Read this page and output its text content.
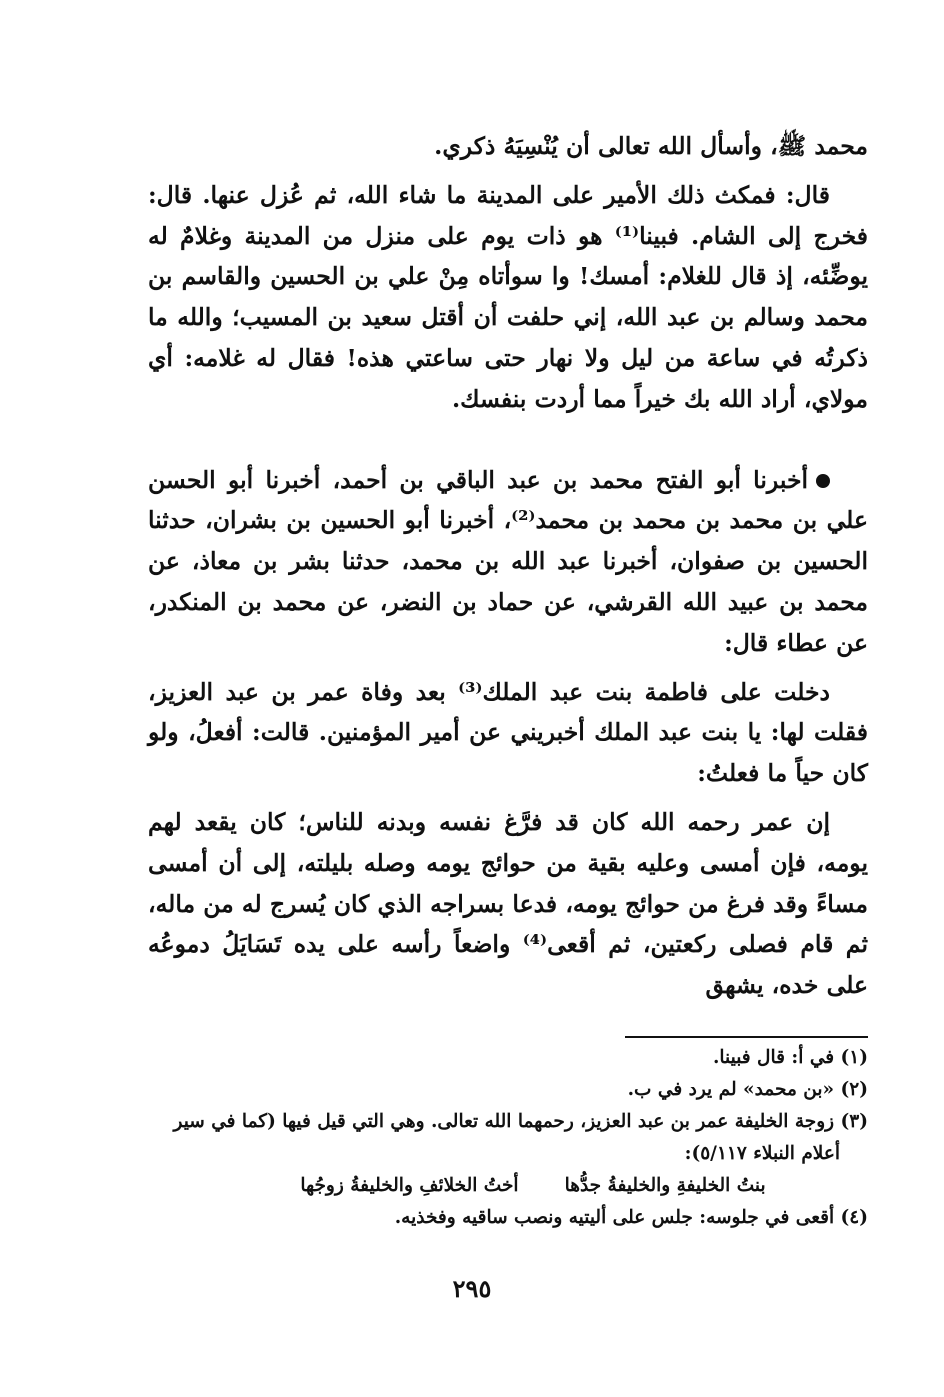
محمد ﷺ، وأسأل الله تعالى أن يُنْسِيَهُ ذكري.

قال: فمكث ذلك الأمير على المدينة ما شاء الله، ثم عُزل عنها. قال: فخرج إلى الشام. فبينا⁽¹⁾ هو ذات يوم على منزل من المدينة وغلامٌ له يوضِّئه، إذ قال للغلام: أمسك! وا سوأتاه مِنْ علي بن الحسين والقاسم بن محمد وسالم بن عبد الله، إني حلفت أن أقتل سعيد بن المسيب؛ والله ما ذكرتُه في ساعة من ليل ولا نهار حتى ساعتي هذه! فقال له غلامه: أي مولاي، أراد الله بك خيراً مما أردت بنفسك.

أخبرنا أبو الفتح محمد بن عبد الباقي بن أحمد، أخبرنا أبو الحسن علي بن محمد بن محمد بن محمد⁽²⁾، أخبرنا أبو الحسين بن بشران، حدثنا الحسين بن صفوان، أخبرنا عبد الله بن محمد، حدثنا بشر بن معاذ، عن محمد بن عبيد الله القرشي، عن حماد بن النضر، عن محمد بن المنكدر، عن عطاء قال:

دخلت على فاطمة بنت عبد الملك⁽³⁾ بعد وفاة عمر بن عبد العزيز، فقلت لها: يا بنت عبد الملك أخبريني عن أمير المؤمنين. قالت: أفعلُ، ولو كان حياً ما فعلتُ:

إن عمر رحمه الله كان قد فرَّغ نفسه وبدنه للناس؛ كان يقعد لهم يومه، فإن أمسى وعليه بقية من حوائج يومه وصله بليلته، إلى أن أمسى مساءً وقد فرغ من حوائج يومه، فدعا بسراجه الذي كان يُسرج له من ماله، ثم قام فصلى ركعتين، ثم أقعى⁽⁴⁾ واضعاً رأسه على يده تَسَايَلُ دموعُه على خده، يشهق

(١) في أ: قال فبينا.

(٢) «بن محمد» لم يرد في ب.

(٣) زوجة الخليفة عمر بن عبد العزيز، رحمهما الله تعالى. وهي التي قيل فيها (كما في سير

أعلام النبلاء ٥/١١٧):

بنتُ الخليفةِ والخليفةُ جدُّها
أختُ الخلائفِ والخليفةُ زوجُها

(٤) أقعى في جلوسه: جلس على أليتيه ونصب ساقيه وفخذيه.

٢٩٥
